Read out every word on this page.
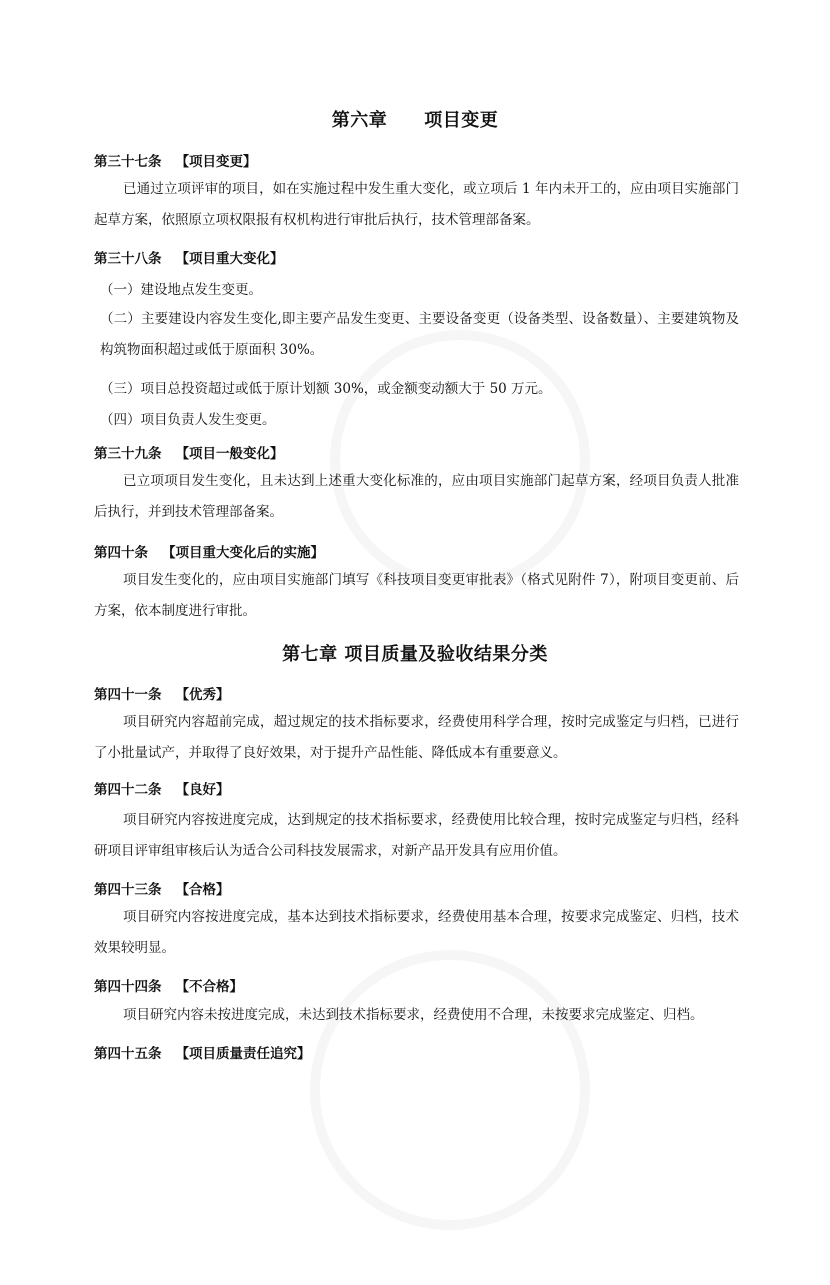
第六章　　项目变更
第三十七条 【项目变更】
已通过立项评审的项目，如在实施过程中发生重大变化，或立项后 1 年内未开工的，应由项目实施部门起草方案，依照原立项权限报有权机构进行审批后执行，技术管理部备案。
第三十八条 【项目重大变化】
（一）建设地点发生变更。
（二）主要建设内容发生变化,即主要产品发生变更、主要设备变更（设备类型、设备数量）、主要建筑物及构筑物面积超过或低于原面积 30%。
（三）项目总投资超过或低于原计划额 30%，或金额变动额大于 50 万元。
（四）项目负责人发生变更。
第三十九条 【项目一般变化】
已立项项目发生变化，且未达到上述重大变化标准的，应由项目实施部门起草方案，经项目负责人批准后执行，并到技术管理部备案。
第四十条 【项目重大变化后的实施】
项目发生变化的，应由项目实施部门填写《科技项目变更审批表》（格式见附件 7），附项目变更前、后方案，依本制度进行审批。
第七章 项目质量及验收结果分类
第四十一条 【优秀】
项目研究内容超前完成，超过规定的技术指标要求，经费使用科学合理，按时完成鉴定与归档，已进行了小批量试产，并取得了良好效果，对于提升产品性能、降低成本有重要意义。
第四十二条 【良好】
项目研究内容按进度完成，达到规定的技术指标要求，经费使用比较合理，按时完成鉴定与归档，经科研项目评审组审核后认为适合公司科技发展需求，对新产品开发具有应用价值。
第四十三条 【合格】
项目研究内容按进度完成，基本达到技术指标要求，经费使用基本合理，按要求完成鉴定、归档，技术效果较明显。
第四十四条 【不合格】
项目研究内容未按进度完成，未达到技术指标要求，经费使用不合理，未按要求完成鉴定、归档。
第四十五条 【项目质量责任追究】
